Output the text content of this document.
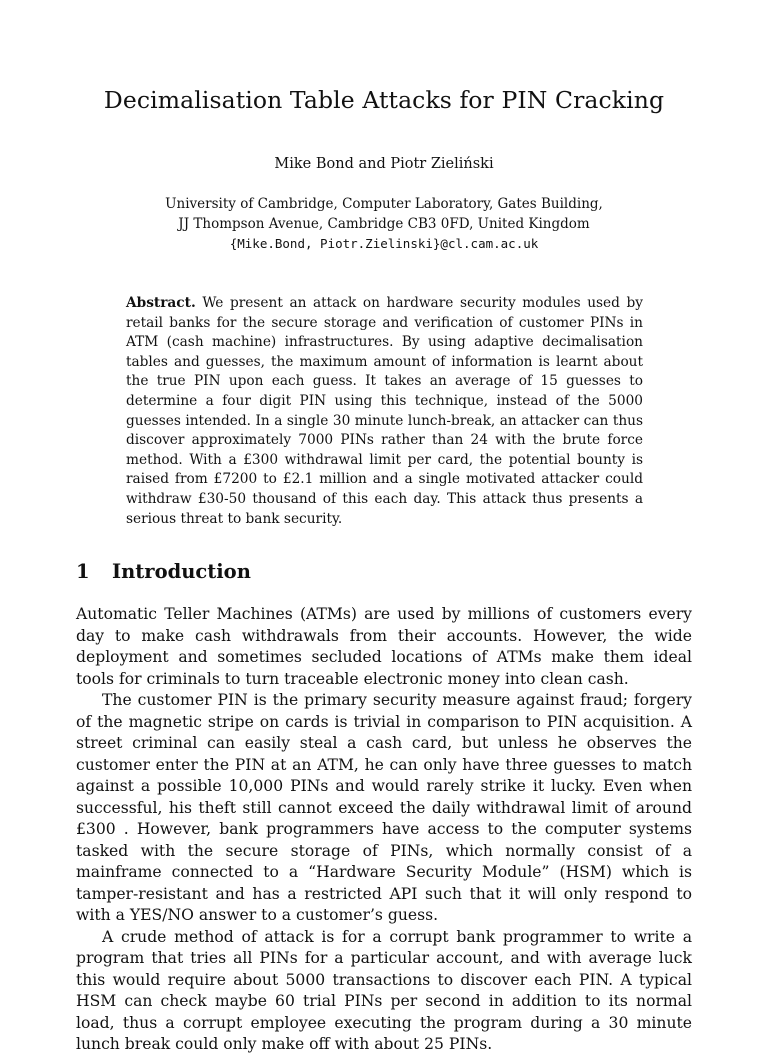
Decimalisation Table Attacks for PIN Cracking
Mike Bond and Piotr Zieliński
University of Cambridge, Computer Laboratory, Gates Building,
JJ Thompson Avenue, Cambridge CB3 0FD, United Kingdom
{Mike.Bond, Piotr.Zielinski}@cl.cam.ac.uk
Abstract. We present an attack on hardware security modules used by retail banks for the secure storage and verification of customer PINs in ATM (cash machine) infrastructures. By using adaptive decimalisation tables and guesses, the maximum amount of information is learnt about the true PIN upon each guess. It takes an average of 15 guesses to determine a four digit PIN using this technique, instead of the 5000 guesses intended. In a single 30 minute lunch-break, an attacker can thus discover approximately 7000 PINs rather than 24 with the brute force method. With a £300 withdrawal limit per card, the potential bounty is raised from £7200 to £2.1 million and a single motivated attacker could withdraw £30-50 thousand of this each day. This attack thus presents a serious threat to bank security.
1 Introduction

Automatic Teller Machines (ATMs) are used by millions of customers every day to make cash withdrawals from their accounts. However, the wide deployment and sometimes secluded locations of ATMs make them ideal tools for criminals to turn traceable electronic money into clean cash.

The customer PIN is the primary security measure against fraud; forgery of the magnetic stripe on cards is trivial in comparison to PIN acquisition. A street criminal can easily steal a cash card, but unless he observes the customer enter the PIN at an ATM, he can only have three guesses to match against a possible 10,000 PINs and would rarely strike it lucky. Even when successful, his theft still cannot exceed the daily withdrawal limit of around £300 . However, bank programmers have access to the computer systems tasked with the secure storage of PINs, which normally consist of a mainframe connected to a “Hardware Security Module” (HSM) which is tamper-resistant and has a restricted API such that it will only respond to with a YES/NO answer to a customer’s guess.

A crude method of attack is for a corrupt bank programmer to write a program that tries all PINs for a particular account, and with average luck this would require about 5000 transactions to discover each PIN. A typical HSM can check maybe 60 trial PINs per second in addition to its normal load, thus a corrupt employee executing the program during a 30 minute lunch break could only make off with about 25 PINs.
